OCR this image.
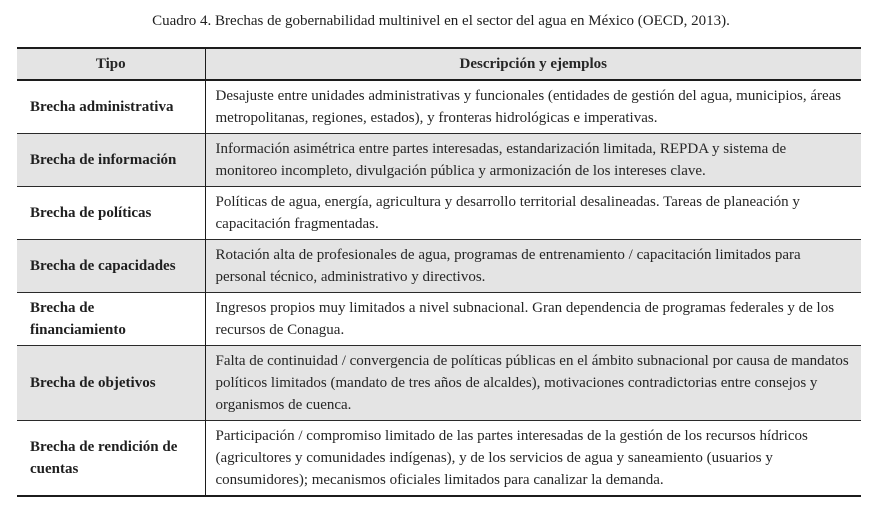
Cuadro 4. Brechas de gobernabilidad multinivel en el sector del agua en México (OECD, 2013).
Tipo	Descripción y ejemplos
Brecha administrativa	Desajuste entre unidades administrativas y funcionales (entidades de gestión del agua, municipios, áreas metropolitanas, regiones, estados), y fronteras hidrológicas e imperativas.
Brecha de información	Información asimétrica entre partes interesadas, estandarización limitada, REPDA y sistema de monitoreo incompleto, divulgación pública y armonización de los intereses clave.
Brecha de políticas	Políticas de agua, energía, agricultura y desarrollo territorial desalineadas. Tareas de planeación y capacitación fragmentadas.
Brecha de capacidades	Rotación alta de profesionales de agua, programas de entrenamiento / capacitación limitados para personal técnico, administrativo y directivos.
Brecha de financiamiento	Ingresos propios muy limitados a nivel subnacional. Gran dependencia de programas federales y de los recursos de Conagua.
Brecha de objetivos	Falta de continuidad / convergencia de políticas públicas en el ámbito subnacional por causa de mandatos políticos limitados (mandato de tres años de alcaldes), motivaciones contradictorias entre consejos y organismos de cuenca.
Brecha de rendición de cuentas	Participación / compromiso limitado de las partes interesadas de la gestión de los recursos hídricos (agricultores y comunidades indígenas), y de los servicios de agua y saneamiento (usuarios y consumidores); mecanismos oficiales limitados para canalizar la demanda.
